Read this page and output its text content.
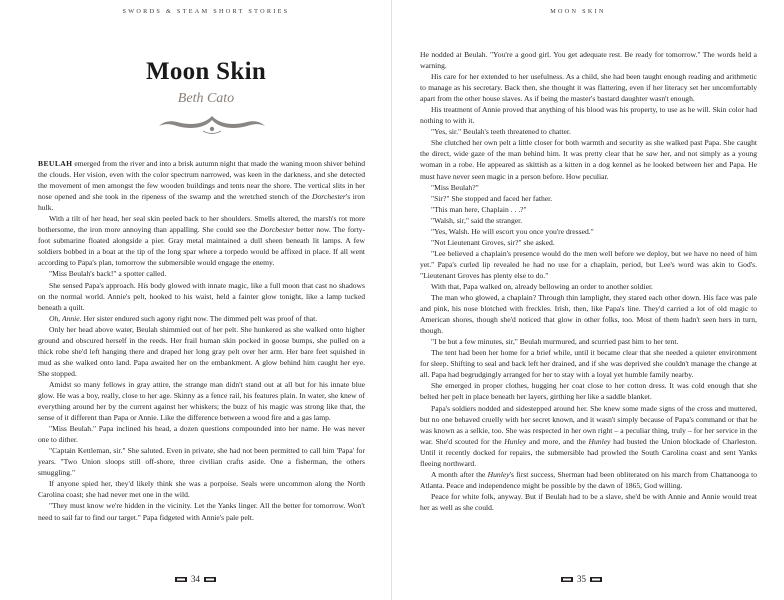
SWORDS & STEAM SHORT STORIES
Moon Skin
Beth Cato

BEULAH emerged from the river and into a brisk autumn night that made the waning moon shiver behind the clouds. Her vision, even with the color spectrum narrowed, was keen in the darkness, and she detected the movement of men amongst the few wooden buildings and tents near the shore. The vertical slits in her nose opened and she took in the ripeness of the swamp and the wretched stench of the Dorchester's iron hulk.

With a tilt of her head, her seal skin peeled back to her shoulders. Smells altered, the marsh's rot more bothersome, the iron more annoying than appalling. She could see the Dorcbester better now. The forty-foot submarine floated alongside a pier. Gray metal maintained a dull sheen beneath lit lamps. A few soldiers bobbed in a boat at the tip of the long spar where a torpedo would be affixed in place. If all went according to Papa's plan, tomorrow the submersible would engage the enemy.

"Miss Beulah's back!" a spotter called.

She sensed Papa's approach. His body glowed with innate magic, like a full moon that cast no shadows on the normal world. Annie's pelt, hooked to his waist, held a fainter glow tonight, like a lamp tucked beneath a quilt.

Oh, Annie. Her sister endured such agony right now. The dimmed pelt was proof of that.

Only her head above water, Beulah shimmied out of her pelt. She hunkered as she walked onto higher ground and obscured herself in the reeds. Her frail human skin pocked in goose bumps, she pulled on a thick robe she'd left hanging there and draped her long gray pelt over her arm. Her bare feet squished in mud as she walked onto land. Papa awaited her on the embankment. A glow behind him caught her eye. She stopped.

Amidst so many fellows in gray attire, the strange man didn't stand out at all but for his innate blue glow. He was a boy, really, close to her age. Skinny as a fence rail, his features plain. In water, she knew of everything around her by the current against her whiskers; the buzz of his magic was strong like that, the sense of it different than Papa or Annie. Like the difference between a wood fire and a gas lamp.

"Miss Beulah." Papa inclined his head, a dozen questions compounded into her name. He was never one to dither.

"Captain Kettleman, sir." She saluted. Even in private, she had not been permitted to call him 'Papa' for years. "Two Union sloops still off-shore, three civilian crafts aside. One a fisherman, the others smuggling."

If anyone spied her, they'd likely think she was a porpoise. Seals were uncommon along the North Carolina coast; she had never met one in the wild.

"They must know we're hidden in the vicinity. Let the Yanks linger. All the better for tomorrow. Won't need to sail far to find our target." Papa fidgeted with Annie's pale pelt.

34
MOON SKIN

He nodded at Beulah. "You're a good girl. You get adequate rest. Be ready for tomorrow." The words held a warning.

His care for her extended to her usefulness. As a child, she had been taught enough reading and arithmetic to manage as his secretary. Back then, she thought it was flattering, even if her literacy set her uncomfortably apart from the other house slaves. As if being the master's bastard daughter wasn't enough.

His treatment of Annie proved that anything of his blood was his property, to use as he will. Skin color had nothing to with it.

"Yes, sir." Beulah's teeth threatened to chatter.

She clutched her own pelt a little closer for both warmth and security as she walked past Papa. She caught the direct, wide gaze of the man behind him. It was pretty clear that he saw her, and not simply as a young woman in a robe. He appeared as skittish as a kitten in a dog kennel as he looked between her and Papa. He must have never seen magic in a person before. How peculiar.

"Miss Beulah?"

"Sir?" She stopped and faced her father.

"This man here, Chaplain . . .?"

"Walsh, sir," said the stranger.

"Yes, Walsh. He will escort you once you're dressed."

"Not Lieutenant Groves, sir?" she asked.

"Lee believed a chaplain's presence would do the men well before we deploy, but we have no need of him yet." Papa's curled lip revealed he had no use for a chaplain, period, but Lee's word was akin to God's. "Lieutenant Groves has plenty else to do."

With that, Papa walked on, already bellowing an order to another soldier.

The man who glowed, a chaplain? Through thin lamplight, they stared each other down. His face was pale and pink, his nose blotched with freckles. Irish, then, like Papa's line. They'd carried a lot of old magic to American shores, though she'd noticed that glow in other folks, too. Most of them hadn't seen hers in turn, though.

"I be but a few minutes, sir," Beulah murmured, and scurried past him to her tent.

The tent had been her home for a brief while, until it became clear that she needed a quieter environment for sleep. Shifting to seal and back left her drained, and if she was deprived she couldn't manage the change at all. Papa had begrudgingly arranged for her to stay with a loyal yet humble family nearby.

She emerged in proper clothes, hugging her coat close to her cotton dress. It was cold enough that she belted her pelt in place beneath her layers, girthing her like a saddle blanket.

Papa's soldiers nodded and sidestepped around her. She knew some made signs of the cross and muttered, but no one behaved cruelly with her secret known, and it wasn't simply because of Papa's command or that he was known as a selkie, too. She was respected in her own right – a peculiar thing, truly – for her service in the war. She'd scouted for the Hunley and more, and the Hunley had busted the Union blockade of Charleston. Until it recently docked for repairs, the submersible had prowled the South Carolina coast and sent Yanks fleeing northward.

A month after the Hunley's first success, Sherman had been obliterated on his march from Chattanooga to Atlanta. Peace and independence might be possible by the dawn of 1865, God willing.

Peace for white folk, anyway. But if Beulah had to be a slave, she'd be with Annie and Annie would treat her as well as she could.

35
